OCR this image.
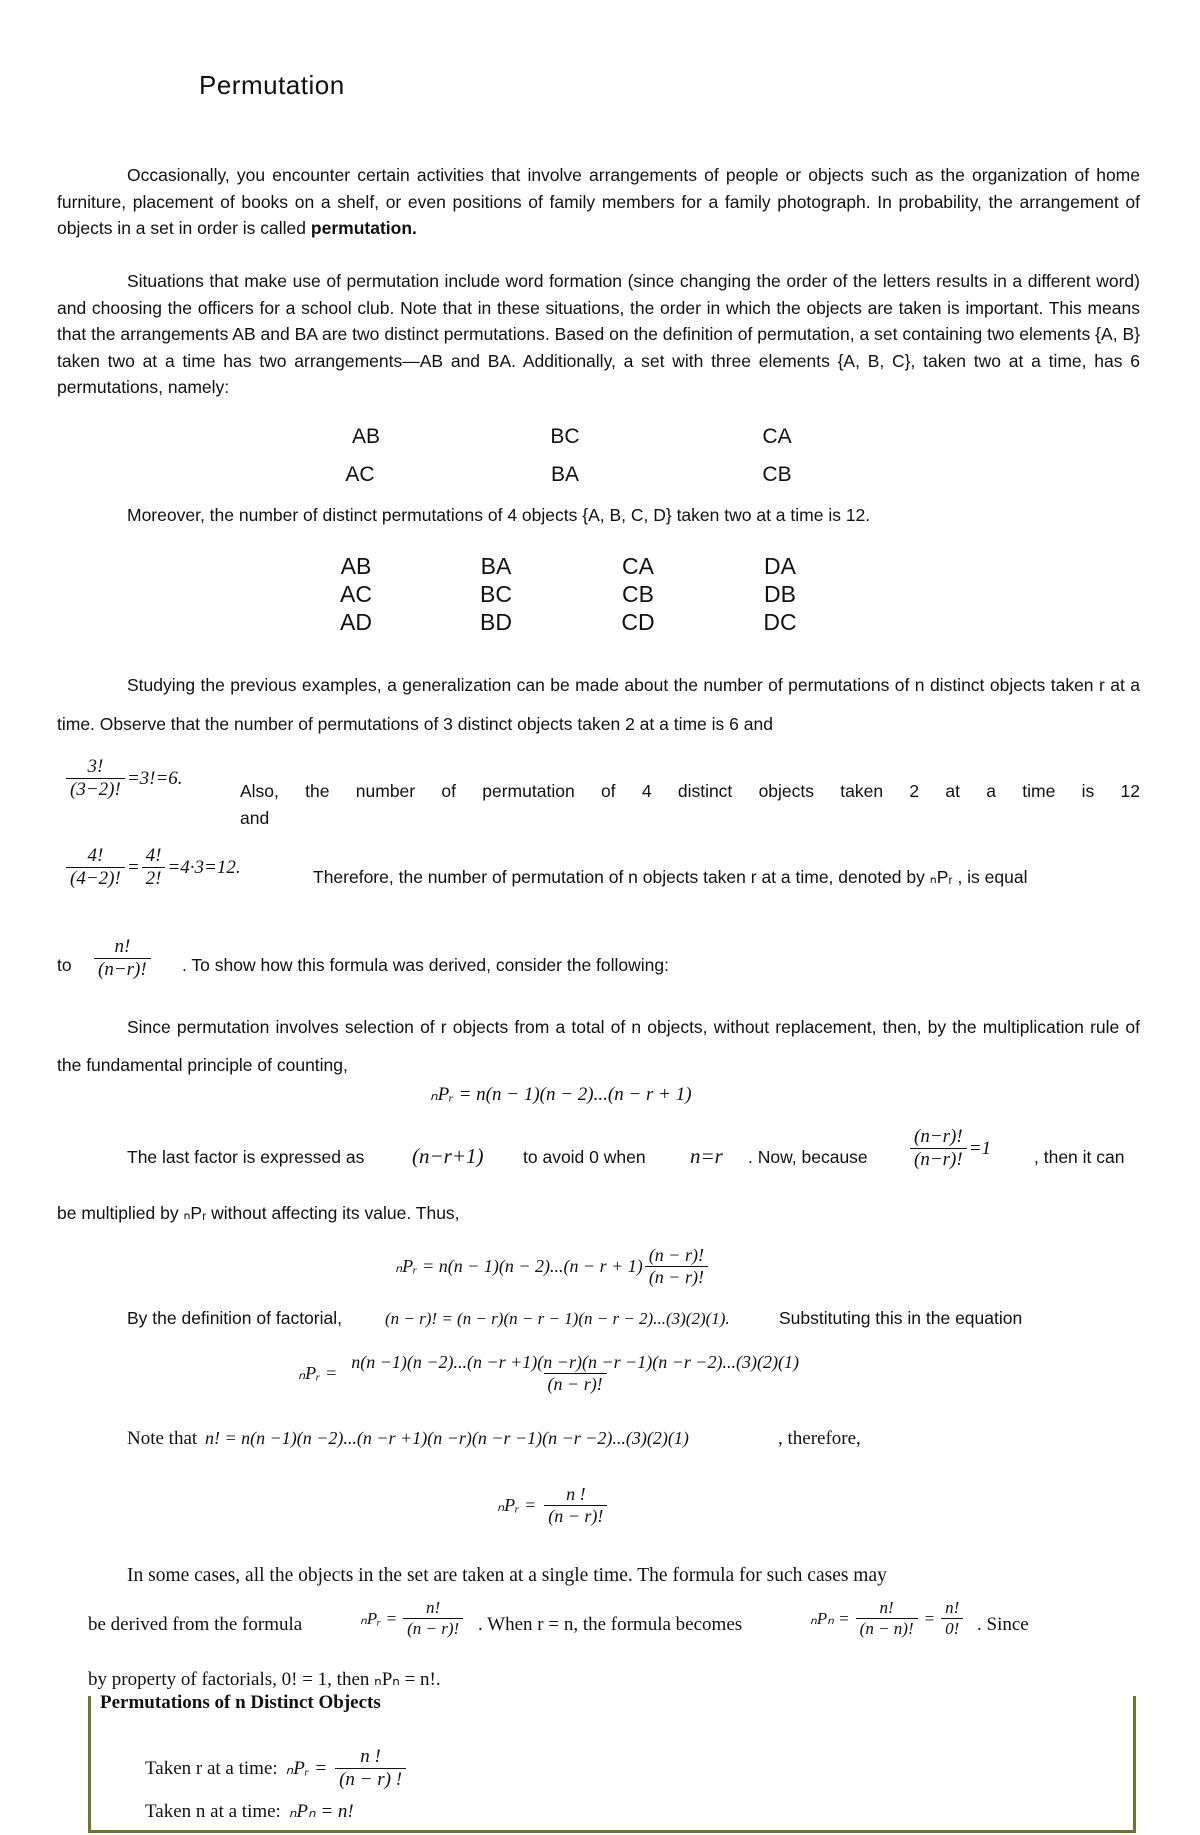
Permutation
Occasionally, you encounter certain activities that involve arrangements of people or objects such as the organization of home furniture, placement of books on a shelf, or even positions of family members for a family photograph. In probability, the arrangement of objects in a set in order is called permutation.
Situations that make use of permutation include word formation (since changing the order of the letters results in a different word) and choosing the officers for a school club. Note that in these situations, the order in which the objects are taken is important. This means that the arrangements AB and BA are two distinct permutations. Based on the definition of permutation, a set containing two elements {A, B} taken two at a time has two arrangements—AB and BA. Additionally, a set with three elements {A, B, C}, taken two at a time, has 6 permutations, namely:
AB	BC	CA
AC	BA	CB
Moreover, the number of distinct permutations of 4 objects {A, B, C, D} taken two at a time is 12.
AB	BA	CA	DA
AC	BC	CB	DB
AD	BD	CD	DC
Studying the previous examples, a generalization can be made about the number of permutations of n distinct objects taken r at a time. Observe that the number of permutations of 3 distinct objects taken 2 at a time is 6 and
$\frac{3!}{(3-2)!} =3!=6$.
Also, the number of permutation of 4 distinct objects taken 2 at a time is 12 and
$\frac{4!}{(4-2)!} = \frac{4!}{2!} =4\cdot 3=12$.	Therefore, the number of permutation of n objects taken r at a time, denoted by ₙPᵣ , is equal
to $\frac{n!}{(n-r)!}$ . To show how this formula was derived, consider the following:
Since permutation involves selection of r objects from a total of n objects, without replacement, then, by the multiplication rule of the fundamental principle of counting,
ₙPᵣ = n(n − 1)(n − 2)...(n − r + 1)
The last factor is expressed as (n−r+1) to avoid 0 when n=r . Now, because $\frac{(n-r)!}{(n-r)!} =1$ , then it can
be multiplied by ₙPᵣ without affecting its value. Thus,
ₙPᵣ = $n(n - 1)(n - 2)...(n - r + 1) \frac{(n - r)!}{(n - r)!}$
By the definition of factorial,	(n − r)! = (n − r)(n − r − 1)(n − r − 2)...(3)(2)(1).	Substituting this in the equation
ₙPᵣ =
n(n −1)(n −2)...(n −r +1)(n −r)(n −r −1)(n −r −2)...(3)(2)(1)
(n − r)!
Note that n! = n(n −1)(n −2)...(n −r +1)(n −r)(n −r −1)(n −r −2)...(3)(2)(1)	, therefore,
ₙPᵣ = $\frac{n !}{(n - r)!}$
In some cases, all the objects in the set are taken at a single time. The formula for such cases may
be derived from the formula	ₙPᵣ = $\frac{n!}{(n - r)!}$ . When r = n, the formula becomes	$_nP_n = \frac{n!}{(n - n)!} = \frac{n!}{0!}$ . Since
by property of factorials, 0! = 1, then ₙPₙ = n!.
Permutations of n Distinct Objects
Taken r at a time: ₙPᵣ = $\frac{n !}{(n - r) !}$
Taken n at a time: ₙPₙ = n!
